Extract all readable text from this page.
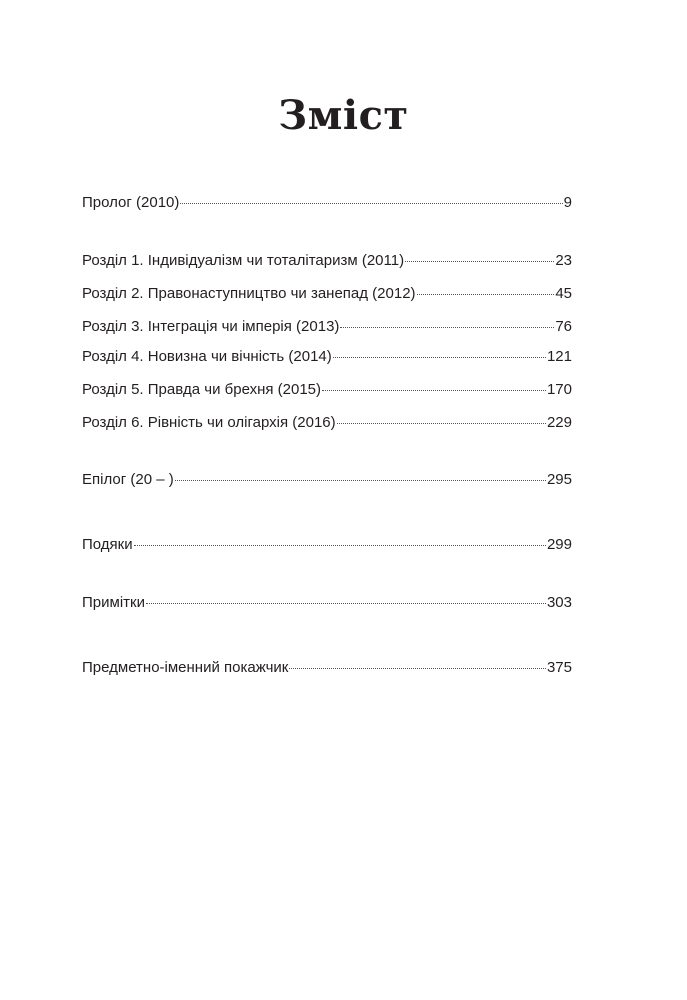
Зміст
Пролог (2010)	9
Розділ 1. Індивідуалізм чи тоталітаризм (2011)	23
Розділ 2. Правонаступництво чи занепад (2012)	45
Розділ 3. Інтеграція чи імперія (2013)	76
Розділ 4. Новизна чи вічність (2014)	121
Розділ 5. Правда чи брехня (2015)	170
Розділ 6. Рівність чи олігархія (2016)	229
Епілог (20 – )	295
Подяки	299
Примітки	303
Предметно-іменний покажчик	375
